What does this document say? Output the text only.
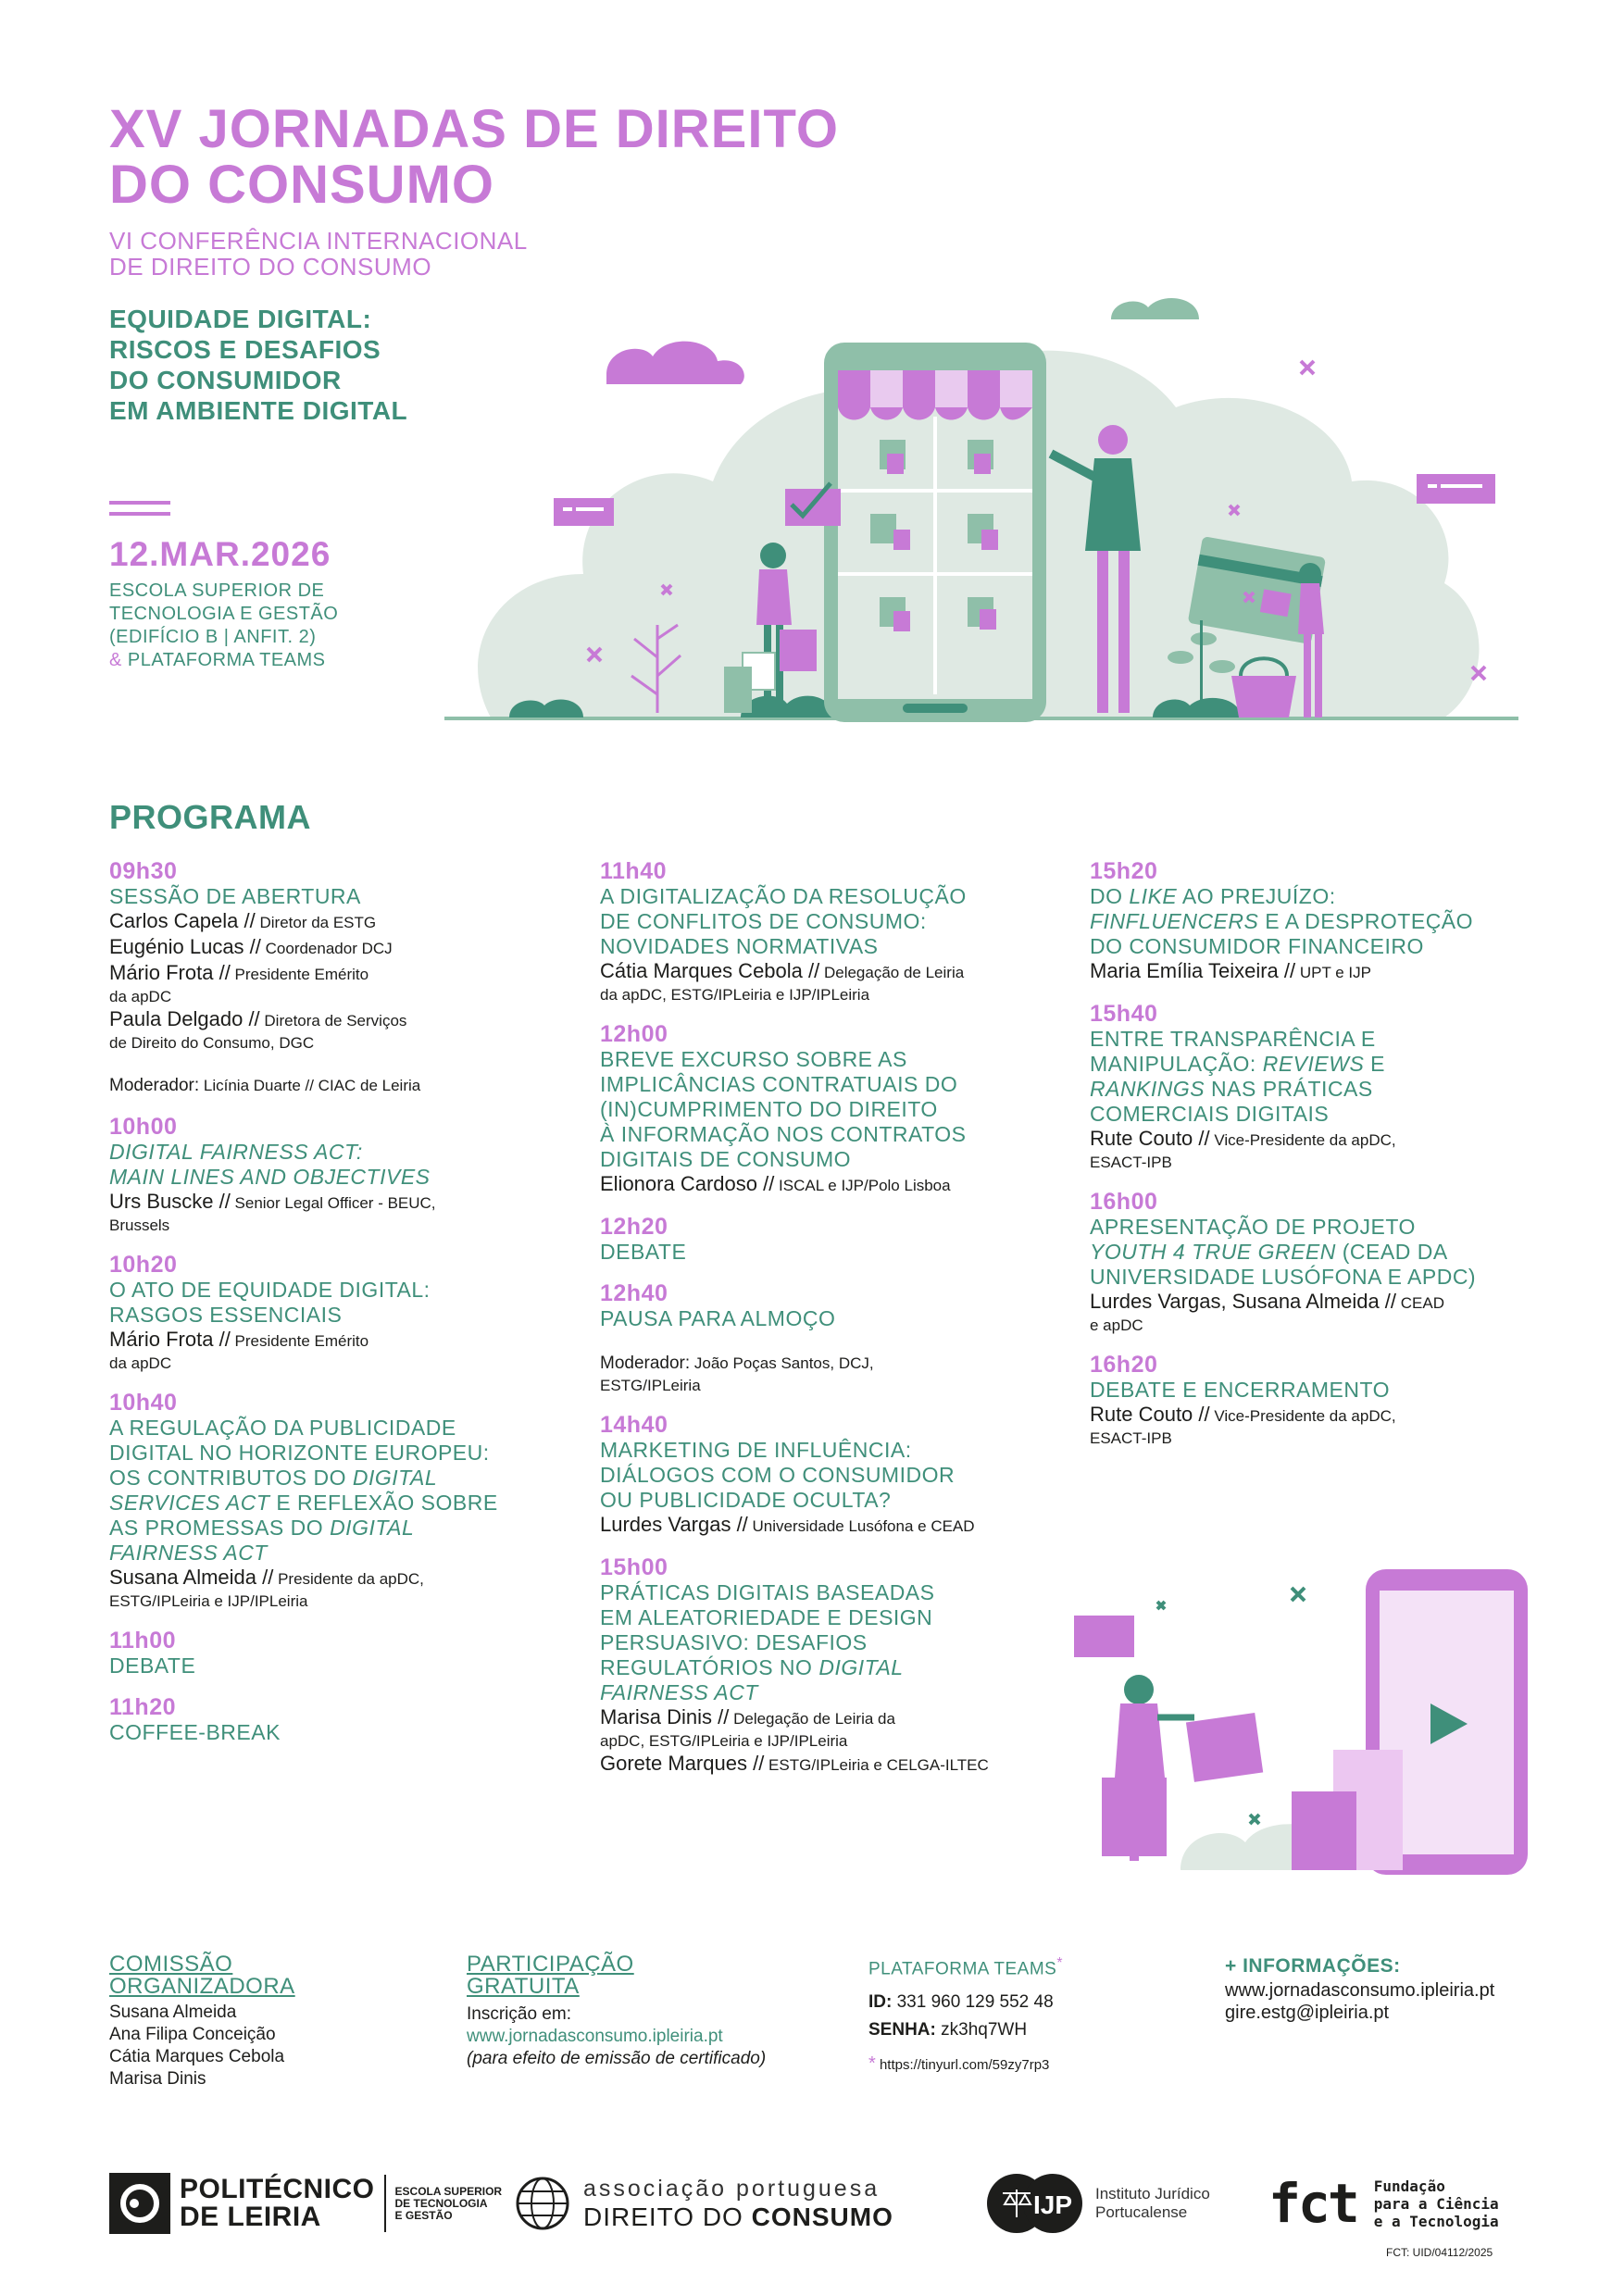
XV JORNADAS DE DIREITO
DO CONSUMO
VI CONFERÊNCIA INTERNACIONAL
DE DIREITO DO CONSUMO
EQUIDADE DIGITAL:
RISCOS E DESAFIOS
DO CONSUMIDOR
EM AMBIENTE DIGITAL
12.MAR.2026
ESCOLA SUPERIOR DE
TECNOLOGIA E GESTÃO
(EDIFÍCIO B | ANFIT. 2)
& PLATAFORMA TEAMS
PROGRAMA
09h30
SESSÃO DE ABERTURA
Carlos Capela // Diretor da ESTG
Eugénio Lucas // Coordenador DCJ
Mário Frota // Presidente Emérito
da apDC
Paula Delgado // Diretora de Serviços
de Direito do Consumo, DGC
Moderador: Licínia Duarte // CIAC de Leiria
10h00
DIGITAL FAIRNESS ACT:
MAIN LINES AND OBJECTIVES
Urs Buscke // Senior Legal Officer - BEUC,
Brussels
10h20
O ATO DE EQUIDADE DIGITAL:
RASGOS ESSENCIAIS
Mário Frota // Presidente Emérito
da apDC
10h40
A REGULAÇÃO DA PUBLICIDADE
DIGITAL NO HORIZONTE EUROPEU:
OS CONTRIBUTOS DO DIGITAL
SERVICES ACT E REFLEXÃO SOBRE
AS PROMESSAS DO DIGITAL
FAIRNESS ACT
Susana Almeida // Presidente da apDC,
ESTG/IPLeiria e IJP/IPLeiria
11h00
DEBATE
11h20
COFFEE-BREAK
11h40
A DIGITALIZAÇÃO DA RESOLUÇÃO
DE CONFLITOS DE CONSUMO:
NOVIDADES NORMATIVAS
Cátia Marques Cebola // Delegação de Leiria
da apDC, ESTG/IPLeiria e IJP/IPLeiria
12h00
BREVE EXCURSO SOBRE AS
IMPLICÂNCIAS CONTRATUAIS DO
(IN)CUMPRIMENTO DO DIREITO
À INFORMAÇÃO NOS CONTRATOS
DIGITAIS DE CONSUMO
Elionora Cardoso // ISCAL e IJP/Polo Lisboa
12h20
DEBATE
12h40
PAUSA PARA ALMOÇO
Moderador: João Poças Santos, DCJ,
ESTG/IPLeiria
14h40
MARKETING DE INFLUÊNCIA:
DIÁLOGOS COM O CONSUMIDOR
OU PUBLICIDADE OCULTA?
Lurdes Vargas // Universidade Lusófona e CEAD
15h00
PRÁTICAS DIGITAIS BASEADAS
EM ALEATORIEDADE E DESIGN
PERSUASIVO: DESAFIOS
REGULATÓRIOS NO DIGITAL
FAIRNESS ACT
Marisa Dinis // Delegação de Leiria da
apDC, ESTG/IPLeiria e IJP/IPLeiria
Gorete Marques // ESTG/IPLeiria e CELGA-ILTEC
15h20
DO LIKE AO PREJUÍZO:
FINFLUENCERS E A DESPROTEÇÃO
DO CONSUMIDOR FINANCEIRO
Maria Emília Teixeira // UPT e IJP
15h40
ENTRE TRANSPARÊNCIA E
MANIPULAÇÃO: REVIEWS E
RANKINGS NAS PRÁTICAS
COMERCIAIS DIGITAIS
Rute Couto // Vice-Presidente da apDC,
ESACT-IPB
16h00
APRESENTAÇÃO DE PROJETO
YOUTH 4 TRUE GREEN (CEAD DA
UNIVERSIDADE LUSÓFONA E APDC)
Lurdes Vargas, Susana Almeida // CEAD
e apDC
16h20
DEBATE E ENCERRAMENTO
Rute Couto // Vice-Presidente da apDC,
ESACT-IPB
COMISSÃO
ORGANIZADORA
Susana Almeida
Ana Filipa Conceição
Cátia Marques Cebola
Marisa Dinis
PARTICIPAÇÃO
GRATUITA
Inscrição em:
www.jornadasconsumo.ipleiria.pt
(para efeito de emissão de certificado)
PLATAFORMA TEAMS*
ID: 331 960 129 552 48
SENHA: zk3hq7WH
* https://tinyurl.com/59zy7rp3
+ INFORMAÇÕES:
www.jornadasconsumo.ipleiria.pt
gire.estg@ipleiria.pt
POLITÉCNICO
DE LEIRIA
ESCOLA SUPERIOR
DE TECNOLOGIA
E GESTÃO
associação portuguesa
DIREITO DO CONSUMO	IJP Instituto Jurídico
Portucalense	fct Fundação
para a Ciência
e a Tecnologia
FCT: UID/04112/2025
